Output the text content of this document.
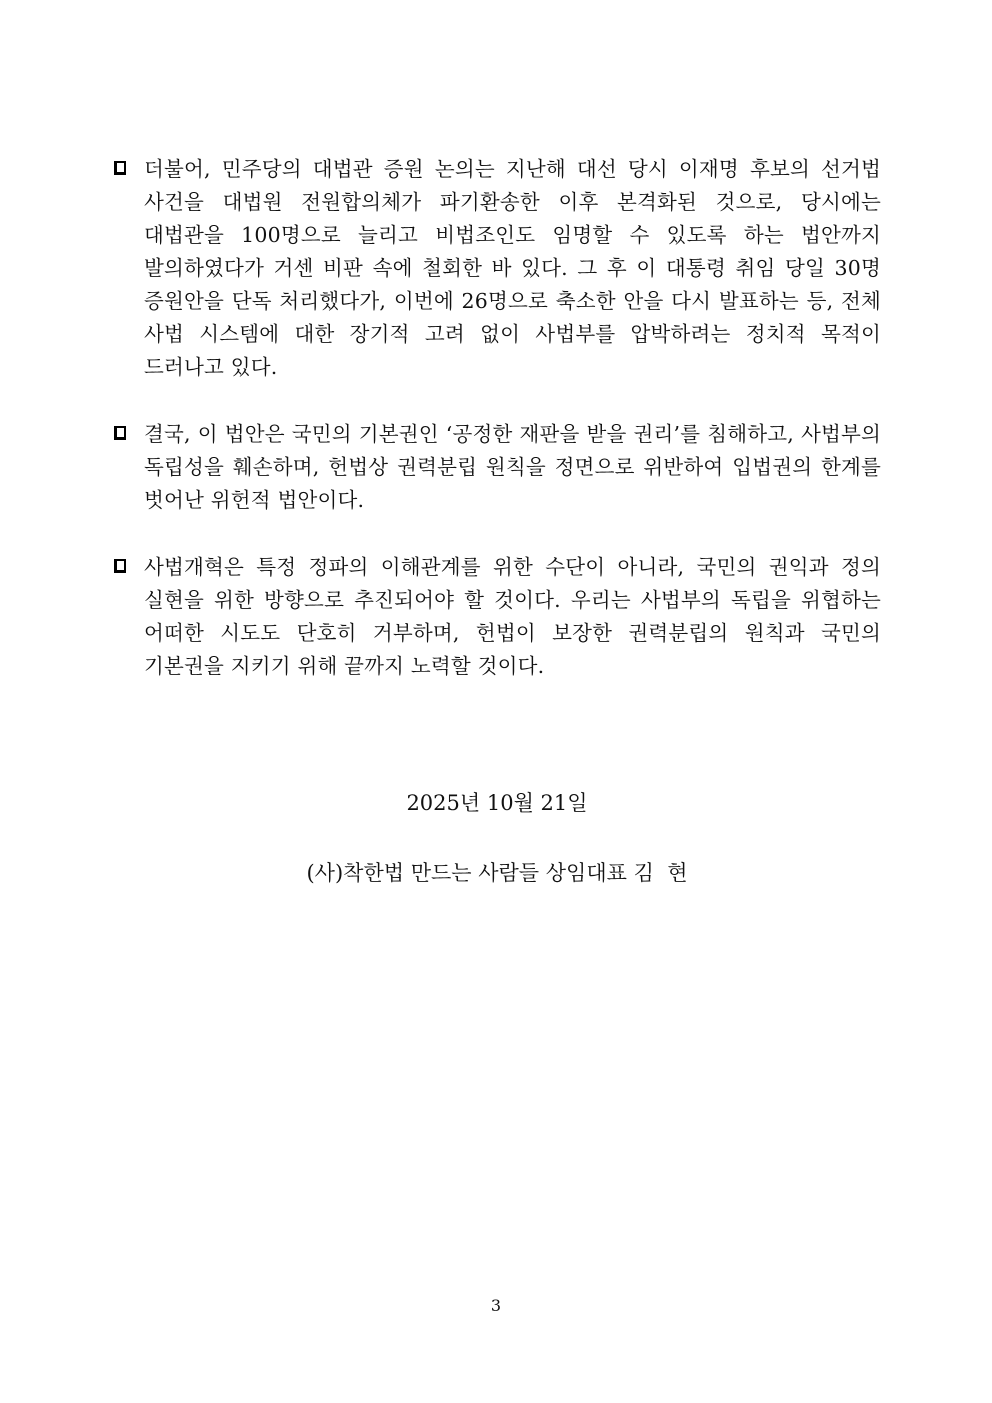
더불어, 민주당의 대법관 증원 논의는 지난해 대선 당시 이재명 후보의 선거법 사건을 대법원 전원합의체가 파기환송한 이후 본격화된 것으로, 당시에는 대법관을 100명으로 늘리고 비법조인도 임명할 수 있도록 하는 법안까지 발의하였다가 거센 비판 속에 철회한 바 있다. 그 후 이 대통령 취임 당일 30명 증원안을 단독 처리했다가, 이번에 26명으로 축소한 안을 다시 발표하는 등, 전체 사법 시스템에 대한 장기적 고려 없이 사법부를 압박하려는 정치적 목적이 드러나고 있다.
결국, 이 법안은 국민의 기본권인 ‘공정한 재판을 받을 권리’를 침해하고, 사법부의 독립성을 훼손하며, 헌법상 권력분립 원칙을 정면으로 위반하여 입법권의 한계를 벗어난 위헌적 법안이다.
사법개혁은 특정 정파의 이해관계를 위한 수단이 아니라, 국민의 권익과 정의 실현을 위한 방향으로 추진되어야 할 것이다. 우리는 사법부의 독립을 위협하는 어떠한 시도도 단호히 거부하며, 헌법이 보장한 권력분립의 원칙과 국민의 기본권을 지키기 위해 끝까지 노력할 것이다.
2025년 10월 21일
(사)착한법 만드는 사람들 상임대표 김  현
3
